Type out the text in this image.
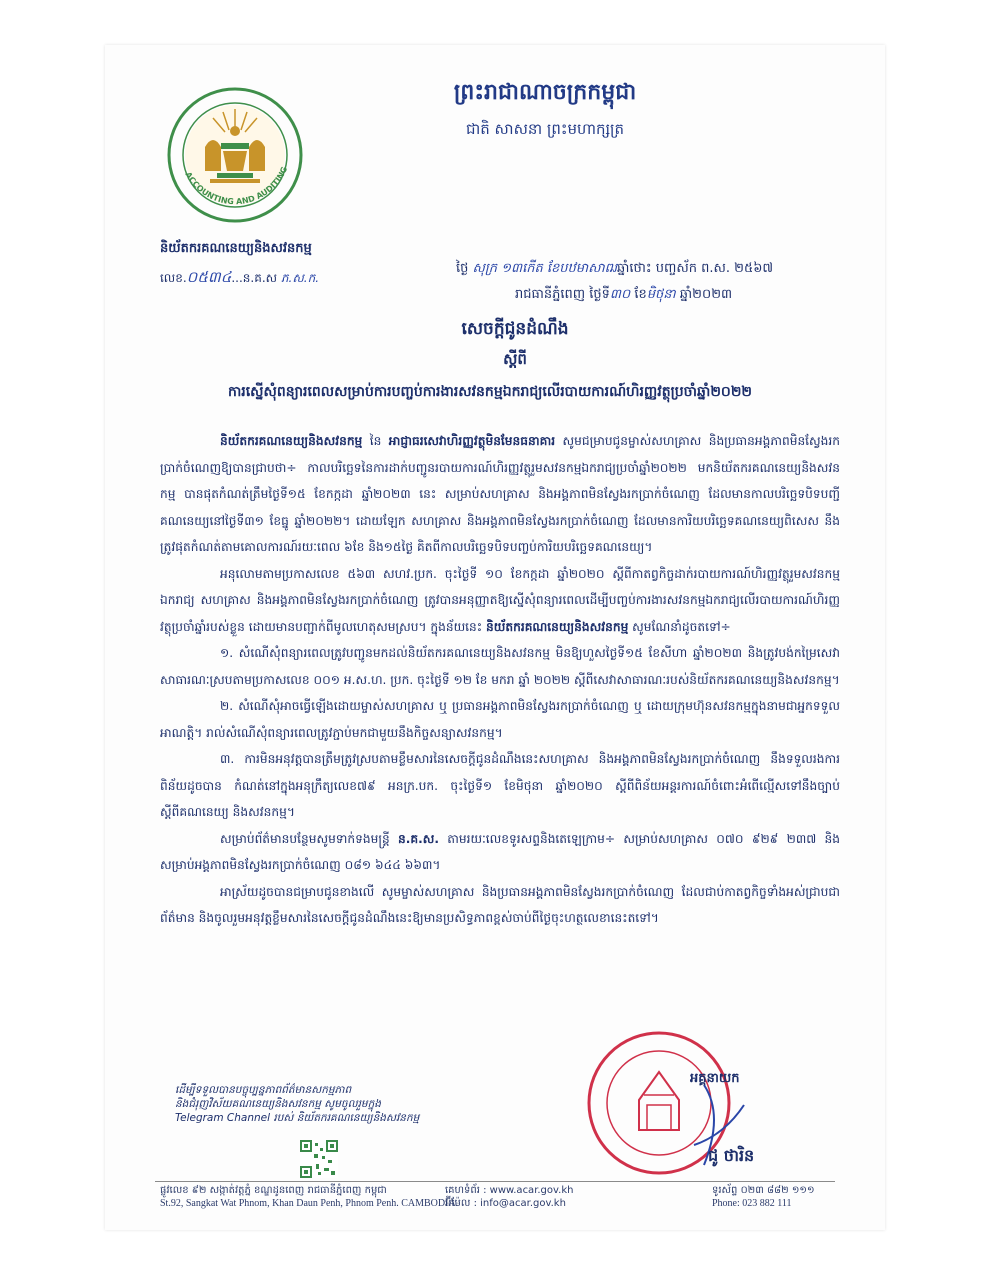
ACCOUNTING AND AUDITING
ព្រះរាជាណាចក្រកម្ពុជា
ជាតិ សាសនា ព្រះមហាក្សត្រ
និយ័តករគណនេយ្យនិងសវនកម្ម
លេខ.០៥៣៤...ន.គ.ស ភ.ស.ក.
ថ្ងៃ សុក្រ ១៣កើត ខែបឋមាសាឍឆ្នាំថោះ បញ្ចស័ក ព.ស. ២៥៦៧
រាជធានីភ្នំពេញ ថ្ងៃទី៣០ ខែមិថុនា ឆ្នាំ២០២៣
សេចក្តីជូនដំណឹង
ស្តីពី
ការស្នើសុំពន្យារពេលសម្រាប់ការបញ្ចប់ការងារសវនកម្មឯករាជ្យលើរបាយការណ៍ហិរញ្ញវត្ថុប្រចាំឆ្នាំ២០២២

និយ័តករគណនេយ្យនិងសវនកម្ម នៃ អាជ្ញាធរសេវាហិរញ្ញវត្ថុមិនមែនធនាគារ សូមជម្រាបជូនម្ចាស់សហគ្រាស និងប្រធានអង្គភាពមិនស្វែងរកប្រាក់ចំណេញឱ្យបានជ្រាបថា÷ កាលបរិច្ឆេទនៃការដាក់បញ្ជូនរបាយការណ៍ហិរញ្ញវត្ថុរួមសវនកម្មឯករាជ្យប្រចាំឆ្នាំ២០២២ មកនិយ័តករគណនេយ្យនិងសវនកម្ម បានផុតកំណត់ត្រឹមថ្ងៃទី១៥ ខែកក្កដា ឆ្នាំ២០២៣ នេះ សម្រាប់សហគ្រាស និងអង្គភាពមិនស្វែងរកប្រាក់ចំណេញ ដែលមានកាលបរិច្ឆេទបិទបញ្ជីគណនេយ្យនៅថ្ងៃទី៣១ ខែធ្នូ ឆ្នាំ២០២២។ ដោយឡែក សហគ្រាស និងអង្គភាពមិនស្វែងរកប្រាក់ចំណេញ ដែលមានការិយបរិច្ឆេទគណនេយ្យពិសេស នឹងត្រូវផុតកំណត់តាមគោលការណ៍រយៈពេល ៦ខែ និង១៥ថ្ងៃ គិតពីកាលបរិច្ឆេទបិទបញ្ចប់ការិយបរិច្ឆេទគណនេយ្យ។

អនុលោមតាមប្រកាសលេខ ៥៦៣ សហវ.ប្រក. ចុះថ្ងៃទី ១០ ខែកក្កដា ឆ្នាំ២០២០ ស្តីពីកាតព្វកិច្ចដាក់របាយការណ៍ហិរញ្ញវត្ថុរួមសវនកម្មឯករាជ្យ សហគ្រាស និងអង្គភាពមិនស្វែងរកប្រាក់ចំណេញ ត្រូវបានអនុញ្ញាតឱ្យស្នើសុំពន្យារពេលដើម្បីបញ្ចប់ការងារសវនកម្មឯករាជ្យលើរបាយការណ៍ហិរញ្ញវត្ថុប្រចាំឆ្នាំរបស់ខ្លួន ដោយមានបញ្ជាក់ពីមូលហេតុសមស្រប។ ក្នុងន័យនេះ និយ័តករគណនេយ្យនិងសវនកម្ម សូមណែនាំដូចតទៅ÷

១. សំណើសុំពន្យារពេលត្រូវបញ្ជូនមកដល់និយ័តករគណនេយ្យនិងសវនកម្ម មិនឱ្យហួសថ្ងៃទី១៥ ខែសីហា ឆ្នាំ២០២៣ និងត្រូវបង់កម្រៃសេវាសាធារណៈស្របតាមប្រកាសលេខ ០០១ អ.ស.ហ. ប្រក. ចុះថ្ងៃទី ១២ ខែ មករា ឆ្នាំ ២០២២ ស្តីពីសេវាសាធារណៈរបស់និយ័តករគណនេយ្យនិងសវនកម្ម។

២. សំណើសុំអាចធ្វើឡើងដោយម្ចាស់សហគ្រាស ឬ ប្រធានអង្គភាពមិនស្វែងរកប្រាក់ចំណេញ ឬ ដោយក្រុមហ៊ុនសវនកម្មក្នុងនាមជាអ្នកទទួលអាណត្តិ។ រាល់សំណើសុំពន្យារពេលត្រូវភ្ជាប់មកជាមួយនឹងកិច្ចសន្យាសវនកម្ម។

៣. ការមិនអនុវត្តបានត្រឹមត្រូវស្របតាមខ្លឹមសារនៃសេចក្តីជូនដំណឹងនេះសហគ្រាស និងអង្គភាពមិនស្វែងរកប្រាក់ចំណេញ នឹងទទួលរងការពិន័យដូចបាន កំណត់នៅក្នុងអនុក្រឹត្យលេខ៧៩ អនក្រ.បក. ចុះថ្ងៃទី១ ខែមិថុនា ឆ្នាំ២០២០ ស្តីពីពិន័យអន្តរការណ៍ចំពោះអំពើល្មើសទៅនឹងច្បាប់ស្តីពីគណនេយ្យ និងសវនកម្ម។

សម្រាប់ព័ត៌មានបន្ថែមសូមទាក់ទងមន្ត្រី ន.គ.ស. តាមរយៈលេខទូរសព្ទនិងតេឡេក្រាម÷ សម្រាប់សហគ្រាស ០៧០ ៩២៩ ២៣៧ និង សម្រាប់អង្គភាពមិនស្វែងរកប្រាក់ចំណេញ ០៨១ ៦៤៤ ៦៦៣។

អាស្រ័យដូចបានជម្រាបជូនខាងលើ សូមម្ចាស់សហគ្រាស និងប្រធានអង្គភាពមិនស្វែងរកប្រាក់ចំណេញ ដែលជាប់កាតព្វកិច្ចទាំងអស់ជ្រាបជាព័ត៌មាន និងចូលរួមអនុវត្តខ្លឹមសារនៃសេចក្តីជូនដំណឹងនេះឱ្យមានប្រសិទ្ធភាពខ្ពស់ចាប់ពីថ្ងៃចុះហត្ថលេខានេះតទៅ។

អគ្គនាយក
ជូ ថារិន
ដើម្បីទទួលបានបច្ចុប្បន្នភាពព័ត៌មានសកម្មភាព
និងជំរុញវិស័យគណនេយ្យនិងសវនកម្ម សូមចូលរួមក្នុង
Telegram Channel របស់ និយ័តករគណនេយ្យនិងសវនកម្ម
ផ្លូវលេខ ៩២ សង្កាត់វត្តភ្នំ ខណ្ឌដូនពេញ រាជធានីភ្នំពេញ កម្ពុជា
St.92, Sangkat Wat Phnom, Khan Daun Penh, Phnom Penh. CAMBODIA.
គេហទំព័រ : www.acar.gov.kh
អ៊ីម៉ែល : info@acar.gov.kh
ទូរស័ព្ទ ០២៣ ៨៨២ ១១១
Phone: 023 882 111
